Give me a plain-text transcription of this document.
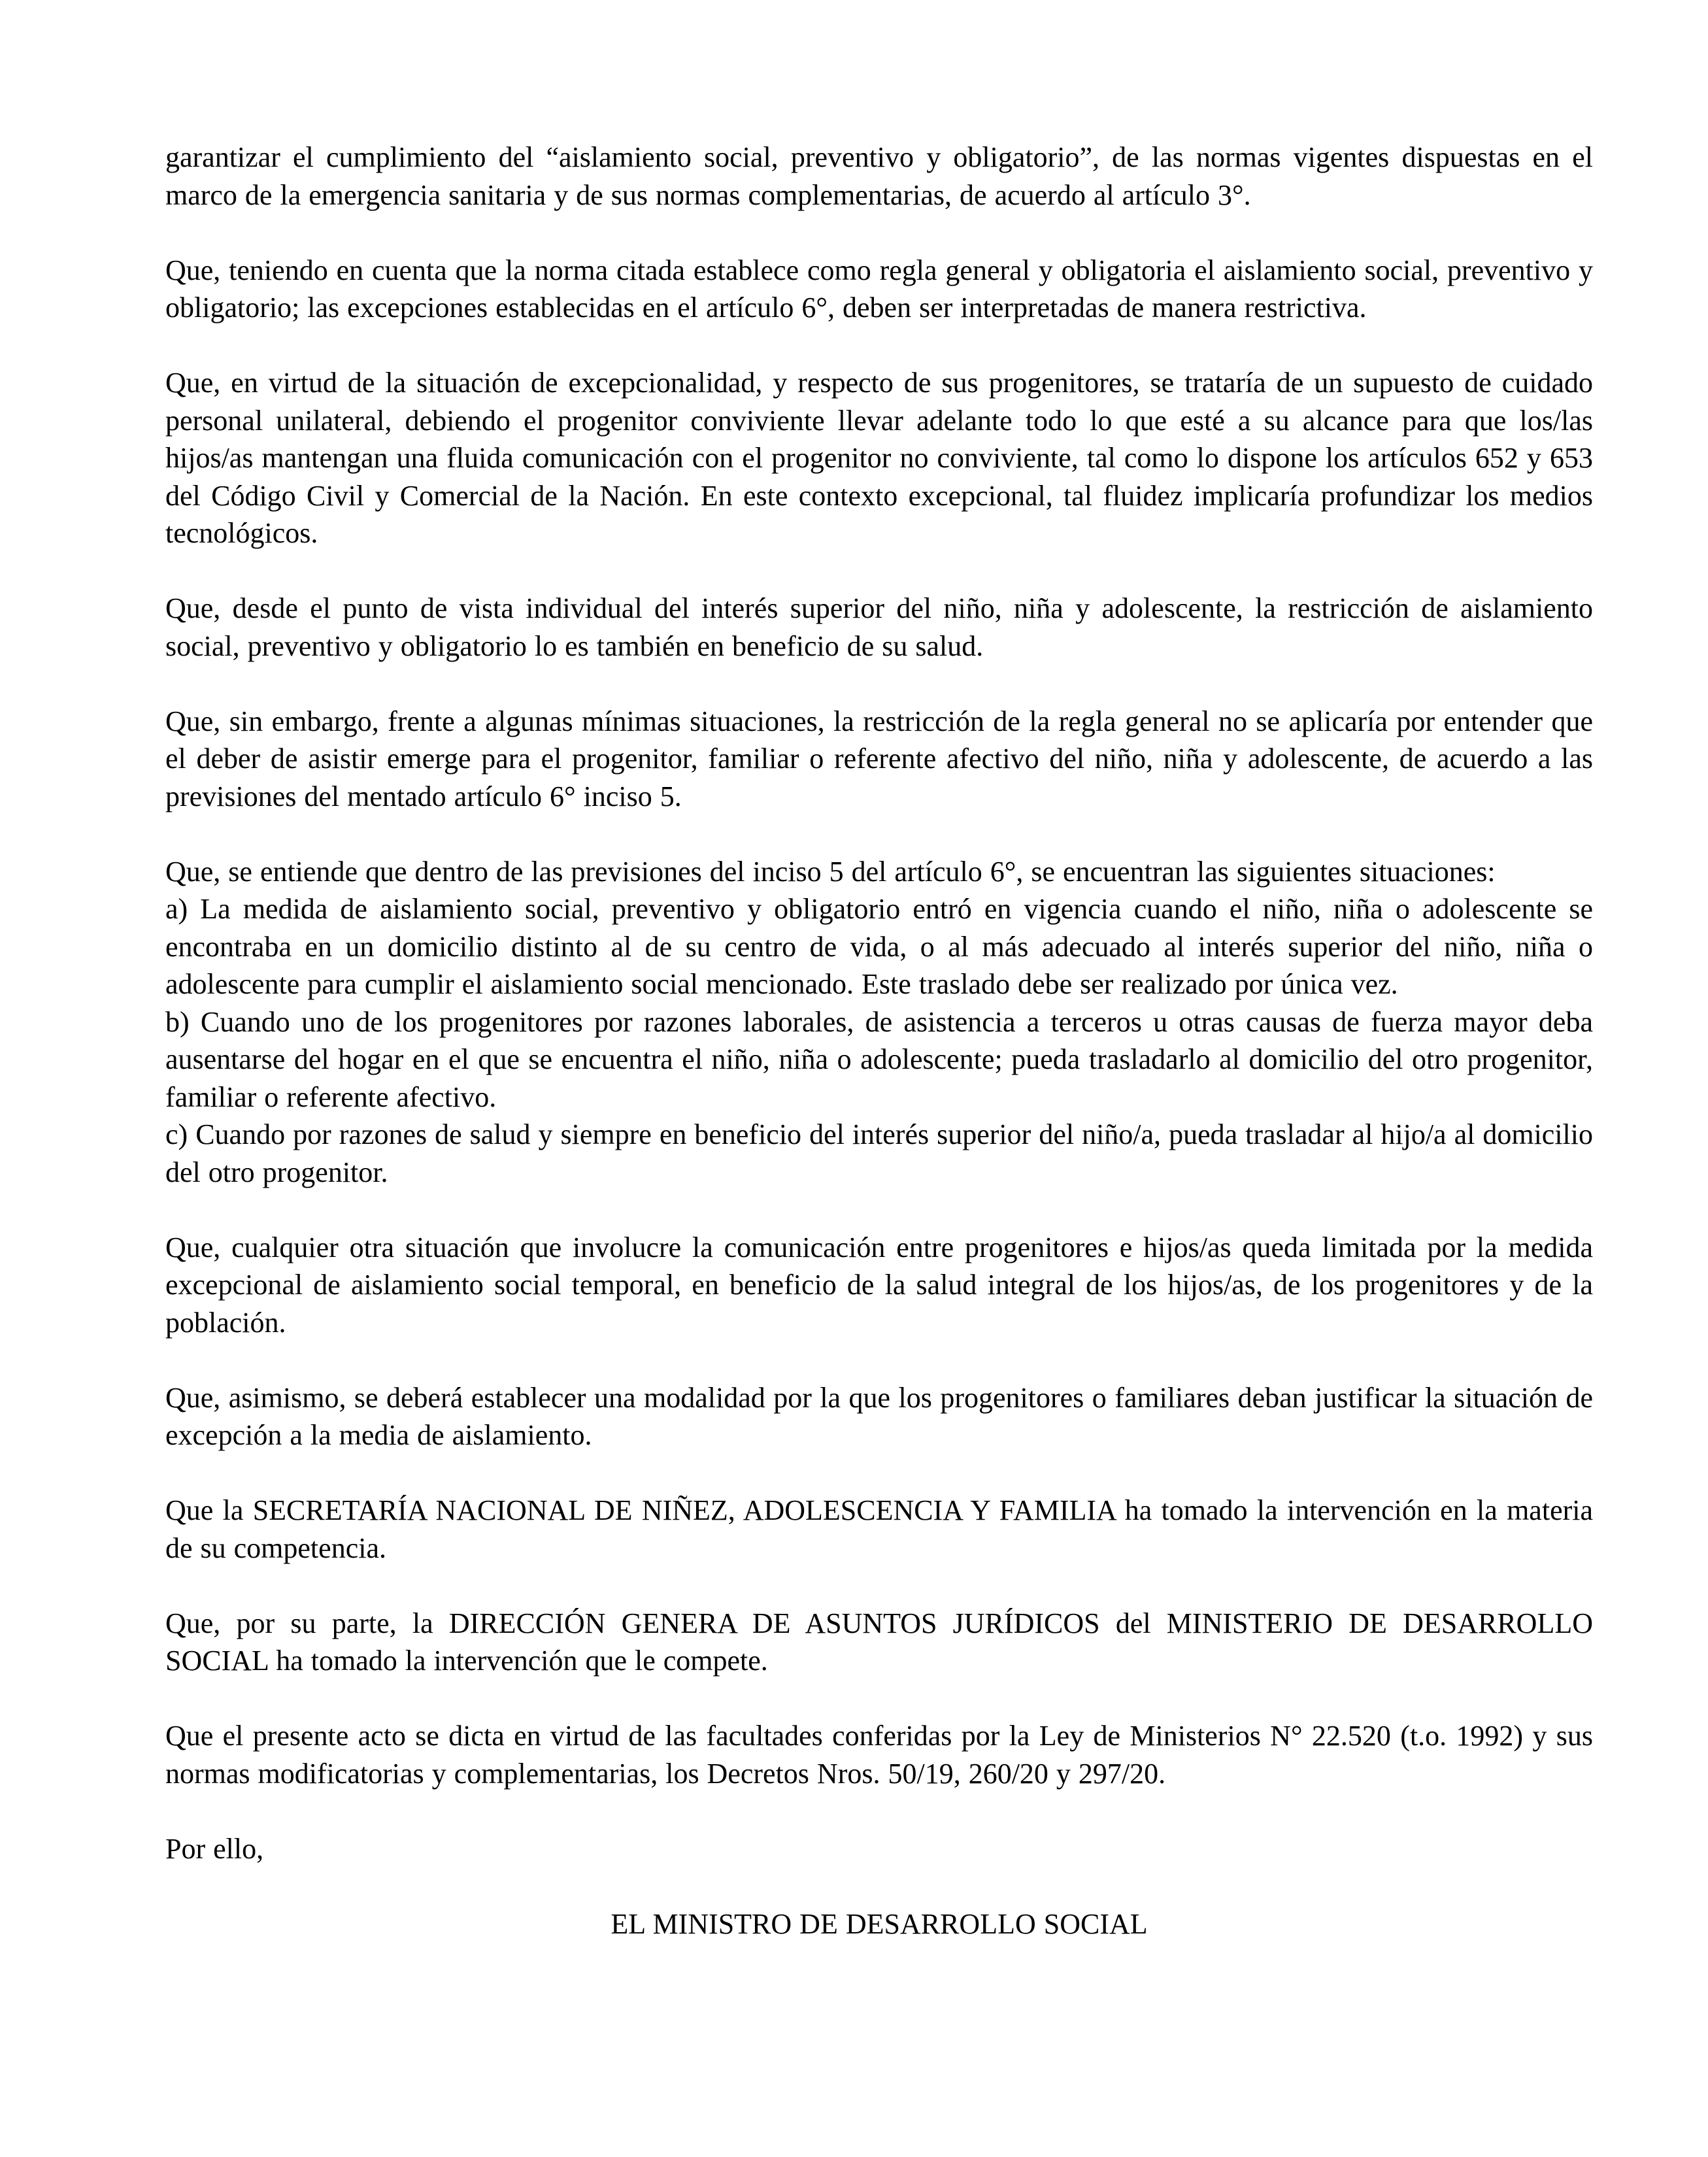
garantizar el cumplimiento del “aislamiento social, preventivo y obligatorio”, de las normas vigentes dispuestas en el marco de la emergencia sanitaria y de sus normas complementarias, de acuerdo al artículo 3°.

Que, teniendo en cuenta que la norma citada establece como regla general y obligatoria el aislamiento social, preventivo y obligatorio; las excepciones establecidas en el artículo 6°, deben ser interpretadas de manera restrictiva.

Que, en virtud de la situación de excepcionalidad, y respecto de sus progenitores, se trataría de un supuesto de cuidado personal unilateral, debiendo el progenitor conviviente llevar adelante todo lo que esté a su alcance para que los/las hijos/as mantengan una fluida comunicación con el progenitor no conviviente, tal como lo dispone los artículos 652 y 653 del Código Civil y Comercial de la Nación. En este contexto excepcional, tal fluidez implicaría profundizar los medios tecnológicos.

Que, desde el punto de vista individual del interés superior del niño, niña y adolescente, la restricción de aislamiento social, preventivo y obligatorio lo es también en beneficio de su salud.

Que, sin embargo, frente a algunas mínimas situaciones, la restricción de la regla general no se aplicaría por entender que el deber de asistir emerge para el progenitor, familiar o referente afectivo del niño, niña y adolescente, de acuerdo a las previsiones del mentado artículo 6° inciso 5.

Que, se entiende que dentro de las previsiones del inciso 5 del artículo 6°, se encuentran las siguientes situaciones:

a) La medida de aislamiento social, preventivo y obligatorio entró en vigencia cuando el niño, niña o adolescente se encontraba en un domicilio distinto al de su centro de vida, o al más adecuado al interés superior del niño, niña o adolescente para cumplir el aislamiento social mencionado. Este traslado debe ser realizado por única vez.

b) Cuando uno de los progenitores por razones laborales, de asistencia a terceros u otras causas de fuerza mayor deba ausentarse del hogar en el que se encuentra el niño, niña o adolescente; pueda trasladarlo al domicilio del otro progenitor, familiar o referente afectivo.

c) Cuando por razones de salud y siempre en beneficio del interés superior del niño/a, pueda trasladar al hijo/a al domicilio del otro progenitor.

Que, cualquier otra situación que involucre la comunicación entre progenitores e hijos/as queda limitada por la medida excepcional de aislamiento social temporal, en beneficio de la salud integral de los hijos/as, de los progenitores y de la población.

Que, asimismo, se deberá establecer una modalidad por la que los progenitores o familiares deban justificar la situación de excepción a la media de aislamiento.

Que la SECRETARÍA NACIONAL DE NIÑEZ, ADOLESCENCIA Y FAMILIA ha tomado la intervención en la materia de su competencia.

Que, por su parte, la DIRECCIÓN GENERA DE ASUNTOS JURÍDICOS del MINISTERIO DE DESARROLLO SOCIAL ha tomado la intervención que le compete.

Que el presente acto se dicta en virtud de las facultades conferidas por la Ley de Ministerios N° 22.520 (t.o. 1992) y sus normas modificatorias y complementarias, los Decretos Nros. 50/19, 260/20 y 297/20.

Por ello,

EL MINISTRO DE DESARROLLO SOCIAL
